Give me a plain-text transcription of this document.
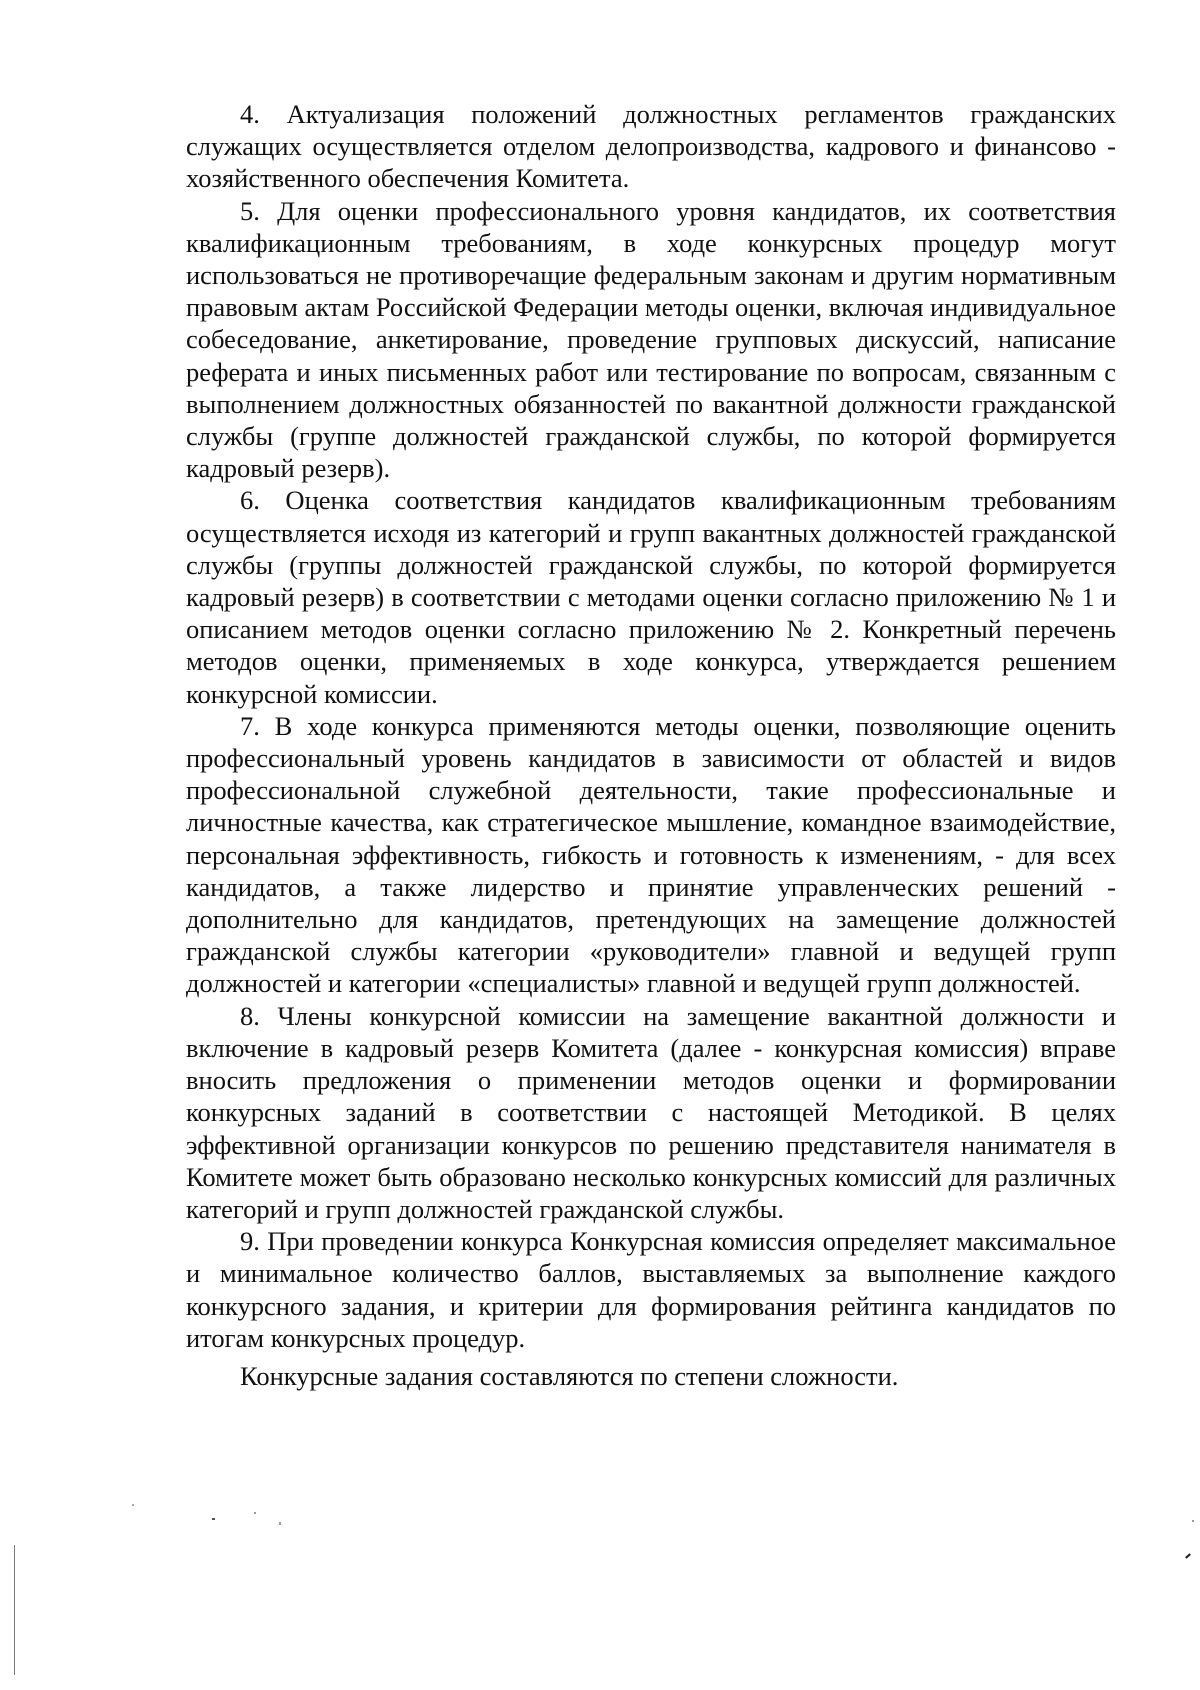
4. Актуализация положений должностных регламентов гражданских служащих осуществляется отделом делопроизводства, кадрового и финансово - хозяйственного обеспечения Комитета.

5. Для оценки профессионального уровня кандидатов, их соответствия квалификационным требованиям, в ходе конкурсных процедур могут использоваться не противоречащие федеральным законам и другим нормативным правовым актам Российской Федерации методы оценки, включая индивидуальное собеседование, анкетирование, проведение групповых дискуссий, написание реферата и иных письменных работ или тестирование по вопросам, связанным с выполнением должностных обязанностей по вакантной должности гражданской службы (группе должностей гражданской службы, по которой формируется кадровый резерв).

6. Оценка соответствия кандидатов квалификационным требованиям осуществляется исходя из категорий и групп вакантных должностей гражданской службы (группы должностей гражданской службы, по которой формируется кадровый резерв) в соответствии с методами оценки согласно приложению № 1 и описанием методов оценки согласно приложению № 2. Конкретный перечень методов оценки, применяемых в ходе конкурса, утверждается решением конкурсной комиссии.

7. В ходе конкурса применяются методы оценки, позволяющие оценить профессиональный уровень кандидатов в зависимости от областей и видов профессиональной служебной деятельности, такие профессиональные и личностные качества, как стратегическое мышление, командное взаимодействие, персональная эффективность, гибкость и готовность к изменениям, - для всех кандидатов, а также лидерство и принятие управленческих решений - дополнительно для кандидатов, претендующих на замещение должностей гражданской службы категории «руководители» главной и ведущей групп должностей и категории «специалисты» главной и ведущей групп должностей.

8. Члены конкурсной комиссии на замещение вакантной должности и включение в кадровый резерв Комитета (далее - конкурсная комиссия) вправе вносить предложения о применении методов оценки и формировании конкурсных заданий в соответствии с настоящей Методикой. В целях эффективной организации конкурсов по решению представителя нанимателя в Комитете может быть образовано несколько конкурсных комиссий для различных категорий и групп должностей гражданской службы.

9. При проведении конкурса Конкурсная комиссия определяет максимальное и минимальное количество баллов, выставляемых за выполнение каждого конкурсного задания, и критерии для формирования рейтинга кандидатов по итогам конкурсных процедур.

Конкурсные задания составляются по степени сложности.
